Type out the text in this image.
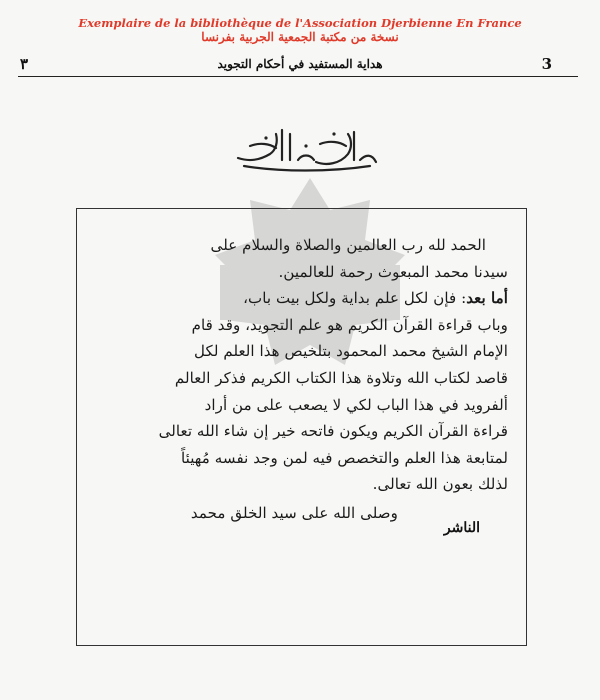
Exemplaire de la bibliothèque de l'Association Djerbienne En France
نسخة من مكتبة الجمعية الجربية بفرنسا
٣	هداية المستفيد في أحكام التجويد	3

الحمد لله رب العالمين والصلاة والسلام على

سيدنا محمد المبعوث رحمة للعالمين.

أما بعد: فإن لكل علم بداية ولكل بيت باب،

وباب قراءة القرآن الكريم هو علم التجويد، وقد قام

الإمام الشيخ محمد المحمود بتلخيص هذا العلم لكل

قاصد لكتاب الله وتلاوة هذا الكتاب الكريم فذكر العالم

ألفرويد في هذا الباب لكي لا يصعب على من أراد

قراءة القرآن الكريم ويكون فاتحه خير إن شاء الله تعالى

لمتابعة هذا العلم والتخصص فيه لمن وجد نفسه مُهيئاً

لذلك بعون الله تعالى.

وصلى الله على سيد الخلق محمد

الناشر
